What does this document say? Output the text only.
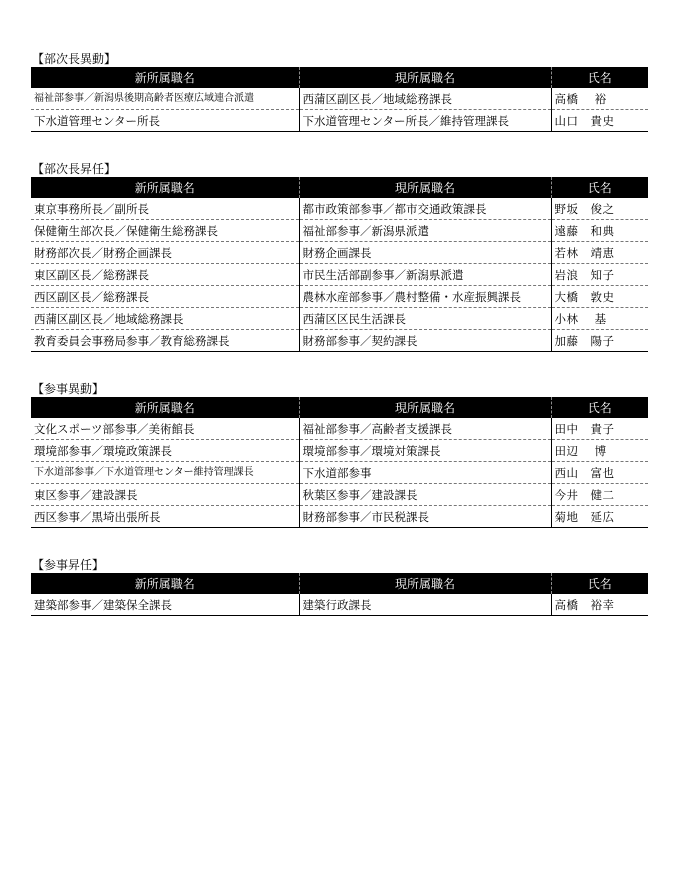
【部次長異動】
新所属職名	現所属職名	氏名
福祉部参事／新潟県後期高齢者医療広域連合派遣	西蒲区副区長／地域総務課長	高橋　 裕
下水道管理センター所長	下水道管理センター所長／維持管理課長	山口　貴史
【部次長昇任】
新所属職名	現所属職名	氏名
東京事務所長／副所長	都市政策部参事／都市交通政策課長	野坂　俊之
保健衛生部次長／保健衛生総務課長	福祉部参事／新潟県派遣	遠藤　和典
財務部次長／財務企画課長	財務企画課長	若林　靖恵
東区副区長／総務課長	市民生活部副参事／新潟県派遣	岩浪　知子
西区副区長／総務課長	農林水産部参事／農村整備・水産振興課長	大橋　敦史
西蒲区副区長／地域総務課長	西蒲区区民生活課長	小林　 基
教育委員会事務局参事／教育総務課長	財務部参事／契約課長	加藤　陽子
【参事異動】
新所属職名	現所属職名	氏名
文化スポーツ部参事／美術館長	福祉部参事／高齢者支援課長	田中　貴子
環境部参事／環境政策課長	環境部参事／環境対策課長	田辺　 博
下水道部参事／下水道管理センター維持管理課長	下水道部参事	西山　富也
東区参事／建設課長	秋葉区参事／建設課長	今井　健二
西区参事／黒埼出張所長	財務部参事／市民税課長	菊地　延広
【参事昇任】
新所属職名	現所属職名	氏名
建築部参事／建築保全課長	建築行政課長	高橋　裕幸
